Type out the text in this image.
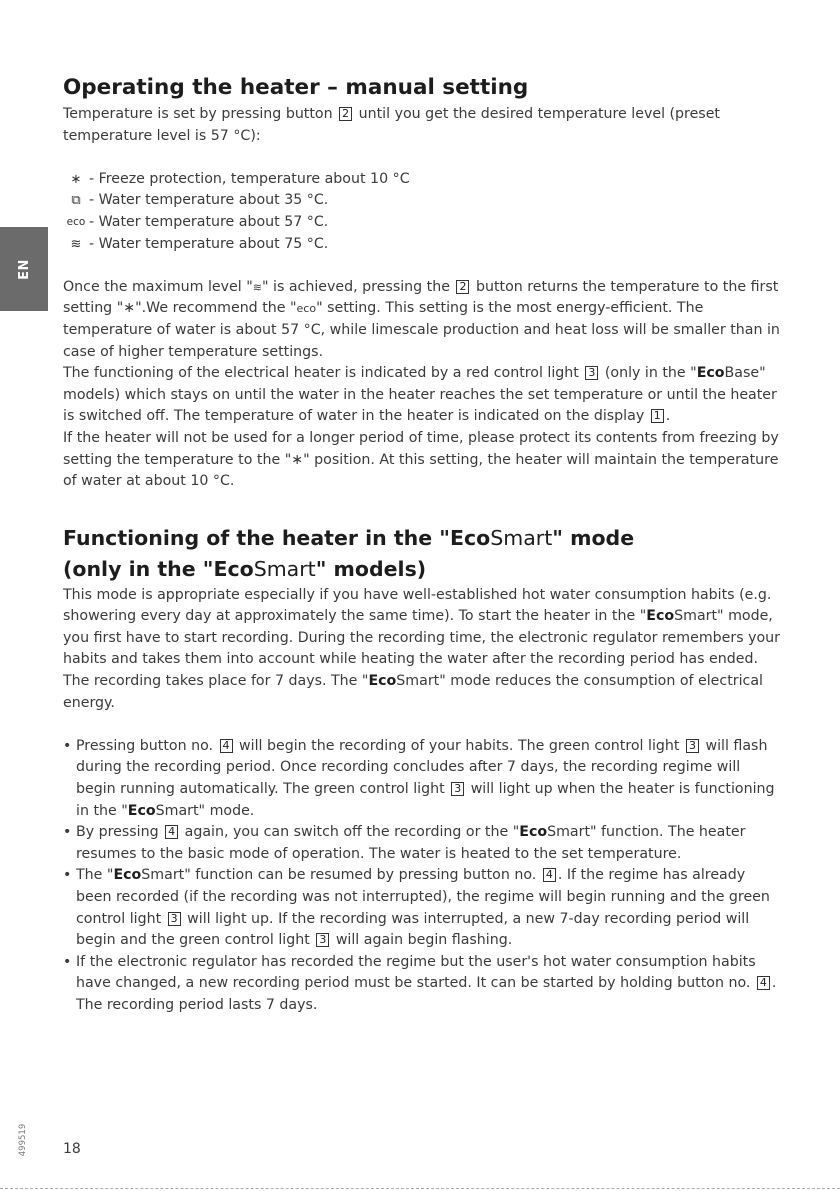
EN
499519
Operating the heater – manual setting

Temperature is set by pressing button 2 until you get the desired temperature level (preset temperature level is 57 °C):

∗ - Freeze protection, temperature about 10 °C
⧉ - Water temperature about 35 °C.
eco - Water temperature about 57 °C.
≋ - Water temperature about 75 °C.

Once the maximum level "≋" is achieved, pressing the 2 button returns the temperature to the first setting "∗".We recommend the "eco" setting. This setting is the most energy-efficient. The temperature of water is about 57 °C, while limescale production and heat loss will be smaller than in case of higher temperature settings.

The functioning of the electrical heater is indicated by a red control light 3 (only in the "EcoBase" models) which stays on until the water in the heater reaches the set temperature or until the heater is switched off. The temperature of water in the heater is indicated on the display 1 .

If the heater will not be used for a longer period of time, please protect its contents from freezing by setting the temperature to the "∗" position. At this setting, the heater will maintain the temperature of water at about 10 °C.

Functioning of the heater in the "EcoSmart" mode
(only in the "EcoSmart" models)

This mode is appropriate especially if you have well-established hot water consumption habits (e.g. showering every day at approximately the same time). To start the heater in the "EcoSmart" mode, you first have to start recording. During the recording time, the electronic regulator remembers your habits and takes them into account while heating the water after the recording period has ended. The recording takes place for 7 days. The "EcoSmart" mode reduces the consumption of electrical energy.

• Pressing button no. 4 will begin the recording of your habits. The green control light 3 will flash during the recording period. Once recording concludes after 7 days, the recording regime will begin running automatically. The green control light 3 will light up when the heater is functioning in the "EcoSmart" mode.
• By pressing 4 again, you can switch off the recording or the "EcoSmart" function. The heater resumes to the basic mode of operation. The water is heated to the set temperature.
• The "EcoSmart" function can be resumed by pressing button no. 4 . If the regime has already been recorded (if the recording was not interrupted), the regime will begin running and the green control light 3 will light up. If the recording was interrupted, a new 7-day recording period will begin and the green control light 3 will again begin flashing.
• If the electronic regulator has recorded the regime but the user's hot water consumption habits have changed, a new recording period must be started. It can be started by holding button no. 4 . The recording period lasts 7 days.
18
